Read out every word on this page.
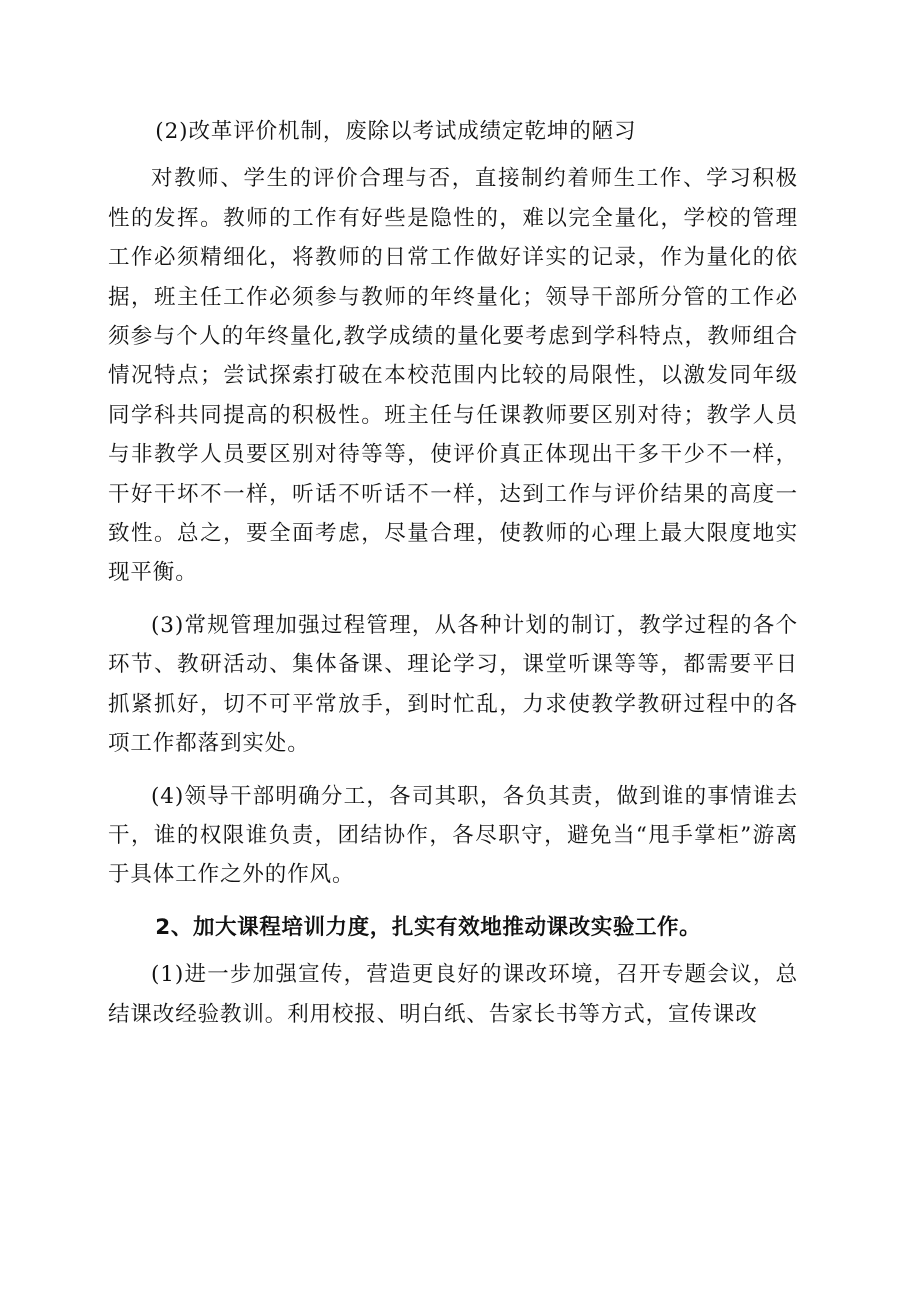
(2)改革评价机制，废除以考试成绩定乾坤的陋习

对教师、学生的评价合理与否，直接制约着师生工作、学习积极性的发挥。教师的工作有好些是隐性的，难以完全量化，学校的管理工作必须精细化，将教师的日常工作做好详实的记录，作为量化的依据，班主任工作必须参与教师的年终量化；领导干部所分管的工作必须参与个人的年终量化,教学成绩的量化要考虑到学科特点，教师组合情况特点；尝试探索打破在本校范围内比较的局限性，以激发同年级同学科共同提高的积极性。班主任与任课教师要区别对待；教学人员与非教学人员要区别对待等等，使评价真正体现出干多干少不一样，干好干坏不一样，听话不听话不一样，达到工作与评价结果的高度一致性。总之，要全面考虑，尽量合理，使教师的心理上最大限度地实现平衡。

(3)常规管理加强过程管理，从各种计划的制订，教学过程的各个环节、教研活动、集体备课、理论学习，课堂听课等等，都需要平日抓紧抓好，切不可平常放手，到时忙乱，力求使教学教研过程中的各项工作都落到实处。

(4)领导干部明确分工，各司其职，各负其责，做到谁的事情谁去干，谁的权限谁负责，团结协作，各尽职守，避免当“甩手掌柜”游离于具体工作之外的作风。

2、加大课程培训力度，扎实有效地推动课改实验工作。

(1)进一步加强宣传，营造更良好的课改环境，召开专题会议，总结课改经验教训。利用校报、明白纸、告家长书等方式，宣传课改
